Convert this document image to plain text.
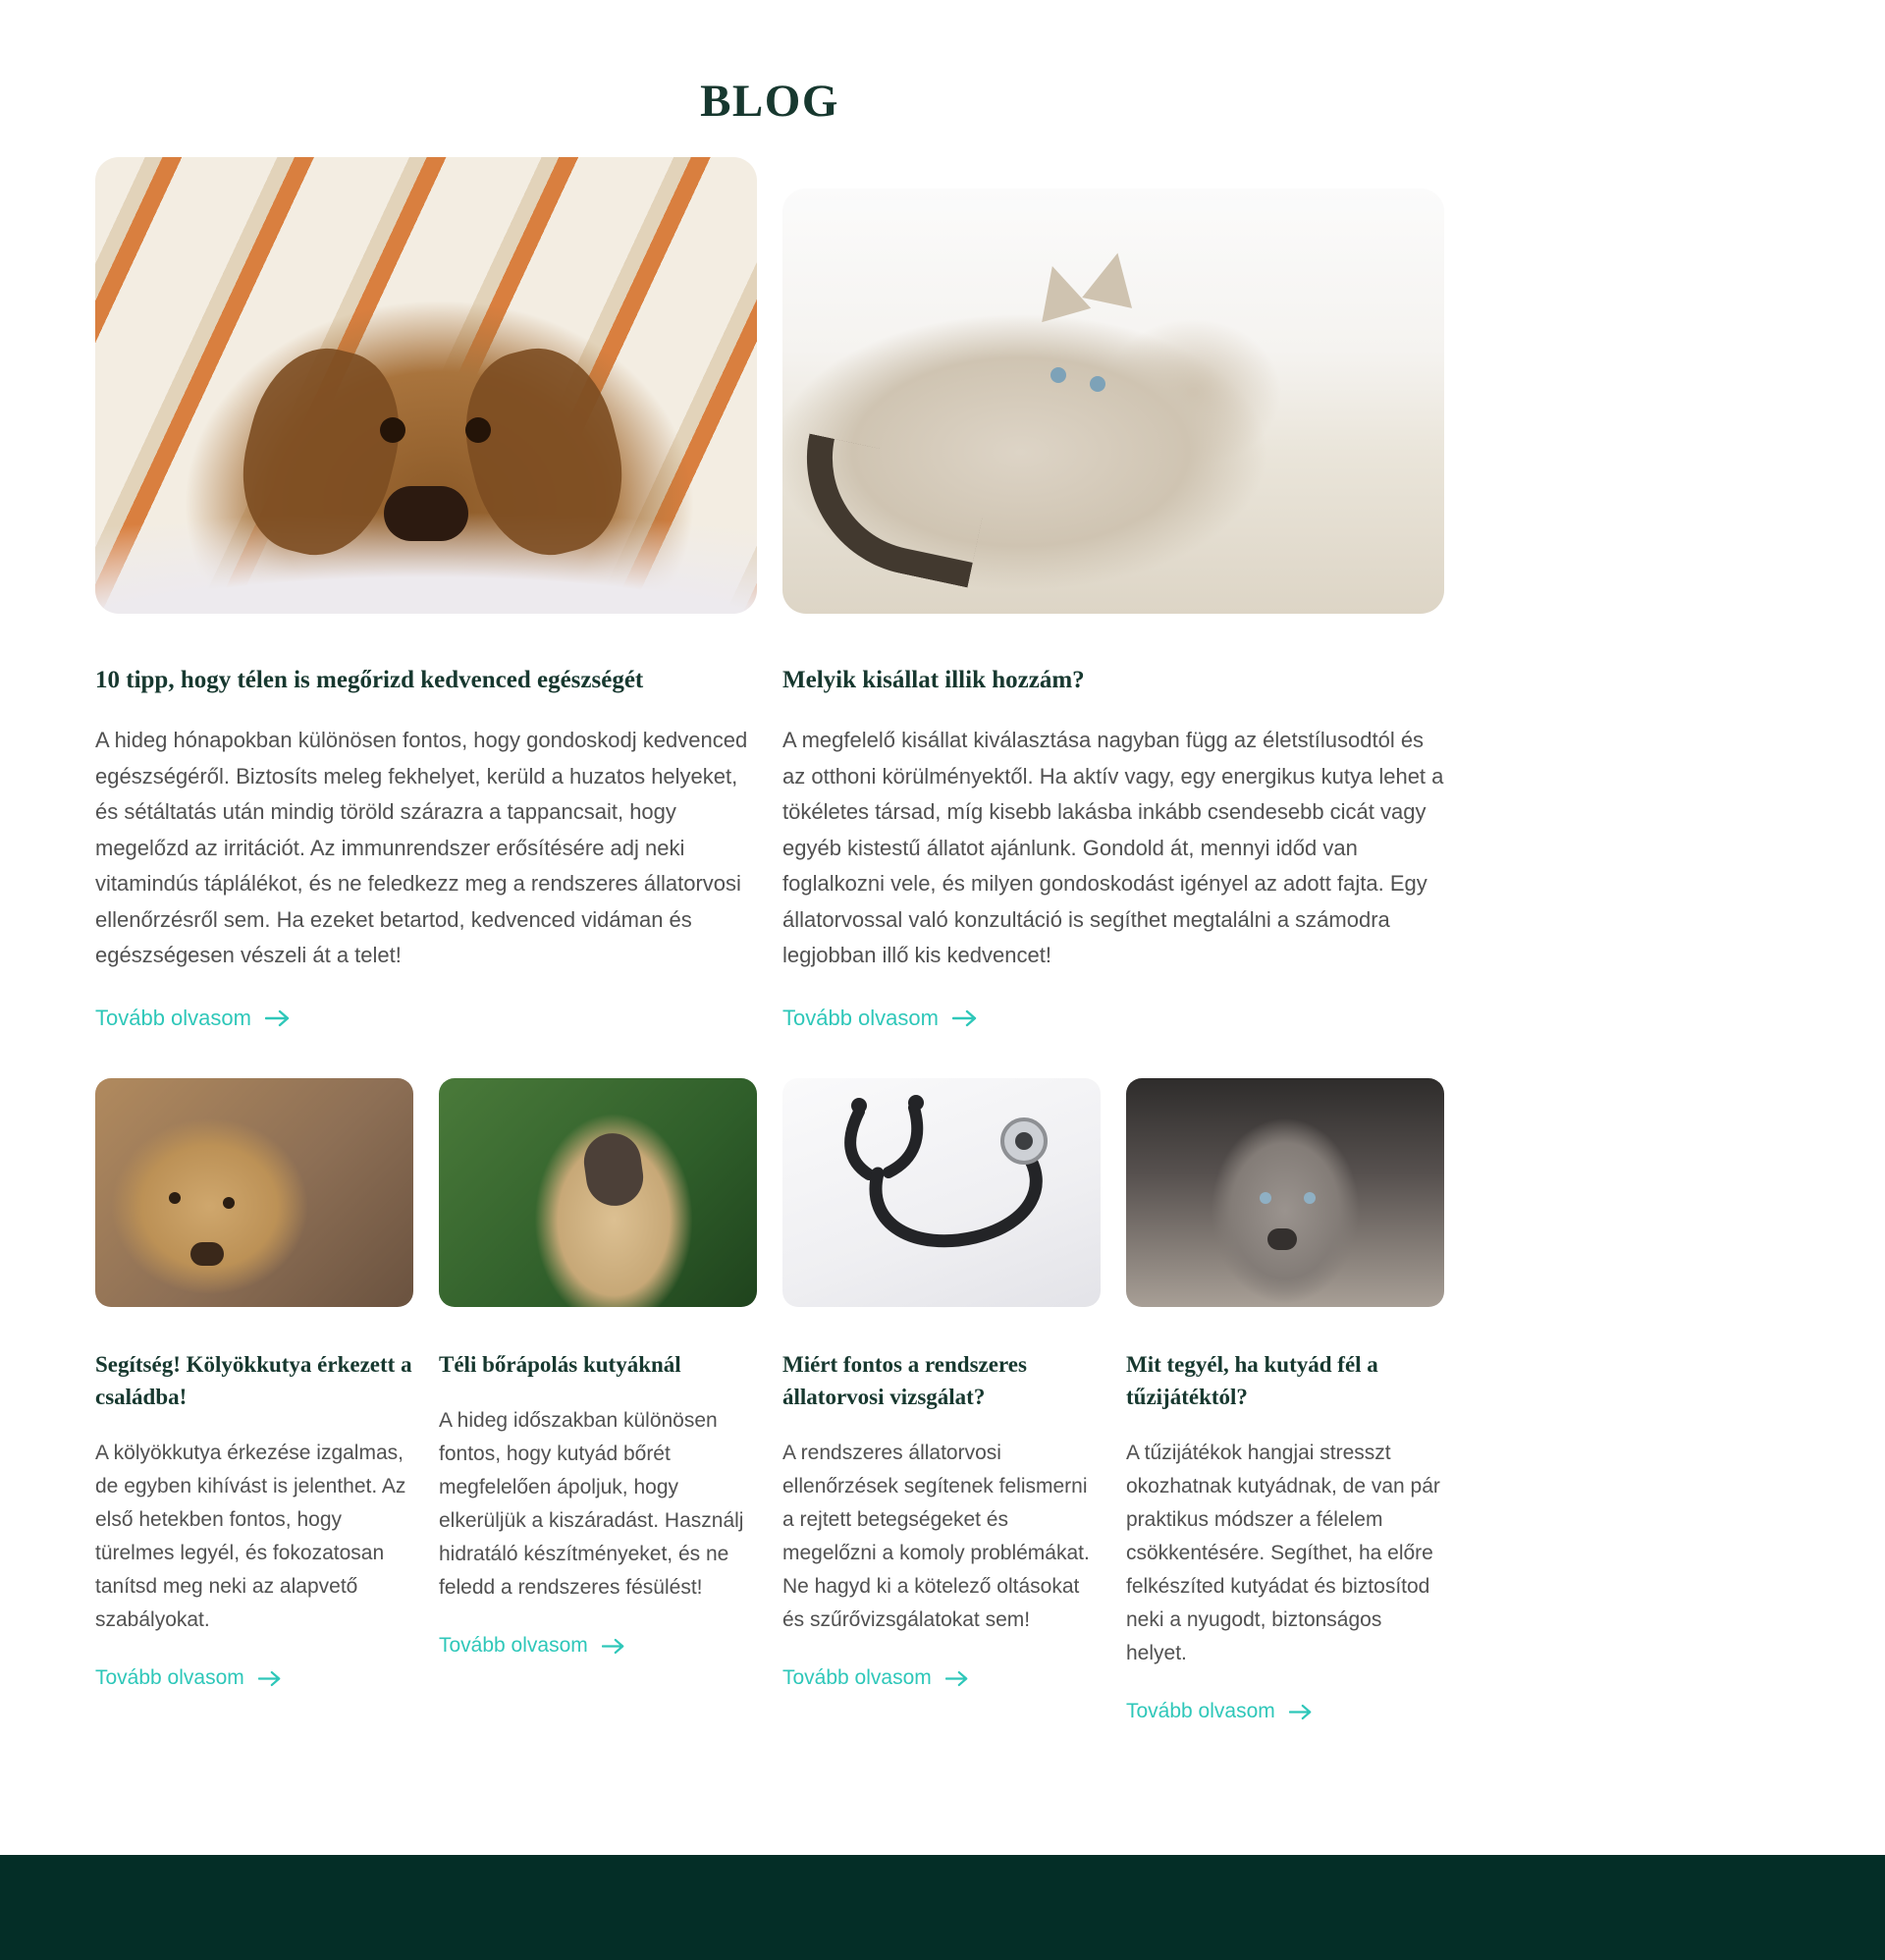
BLOG
10 tipp, hogy télen is megőrizd kedvenced egészségét

A hideg hónapokban különösen fontos, hogy gondoskodj kedvenced egészségéről. Biztosíts meleg fekhelyet, kerüld a huzatos helyeket, és sétáltatás után mindig töröld szárazra a tappancsait, hogy megelőzd az irritációt. Az immunrendszer erősítésére adj neki vitamindús táplálékot, és ne feledkezz meg a rendszeres állatorvosi ellenőrzésről sem. Ha ezeket betartod, kedvenced vidáman és egészségesen vészeli át a telet!

Tovább olvasom
Melyik kisállat illik hozzám?

A megfelelő kisállat kiválasztása nagyban függ az életstílusodtól és az otthoni körülményektől. Ha aktív vagy, egy energikus kutya lehet a tökéletes társad, míg kisebb lakásba inkább csendesebb cicát vagy egyéb kistestű állatot ajánlunk. Gondold át, mennyi időd van foglalkozni vele, és milyen gondoskodást igényel az adott fajta. Egy állatorvossal való konzultáció is segíthet megtalálni a számodra legjobban illő kis kedvencet!

Tovább olvasom
Segítség! Kölyökkutya érkezett a családba!

A kölyökkutya érkezése izgalmas, de egyben kihívást is jelenthet. Az első hetekben fontos, hogy türelmes legyél, és fokozatosan tanítsd meg neki az alapvető szabályokat.

Tovább olvasom
Téli bőrápolás kutyáknál

A hideg időszakban különösen fontos, hogy kutyád bőrét megfelelően ápoljuk, hogy elkerüljük a kiszáradást. Használj hidratáló készítményeket, és ne feledd a rendszeres fésülést!

Tovább olvasom
Miért fontos a rendszeres állatorvosi vizsgálat?

A rendszeres állatorvosi ellenőrzések segítenek felismerni a rejtett betegségeket és megelőzni a komoly problémákat. Ne hagyd ki a kötelező oltásokat és szűrővizsgálatokat sem!

Tovább olvasom
Mit tegyél, ha kutyád fél a tűzijátéktól?

A tűzijátékok hangjai stresszt okozhatnak kutyádnak, de van pár praktikus módszer a félelem csökkentésére. Segíthet, ha előre felkészíted kutyádat és biztosítod neki a nyugodt, biztonságos helyet.

Tovább olvasom
